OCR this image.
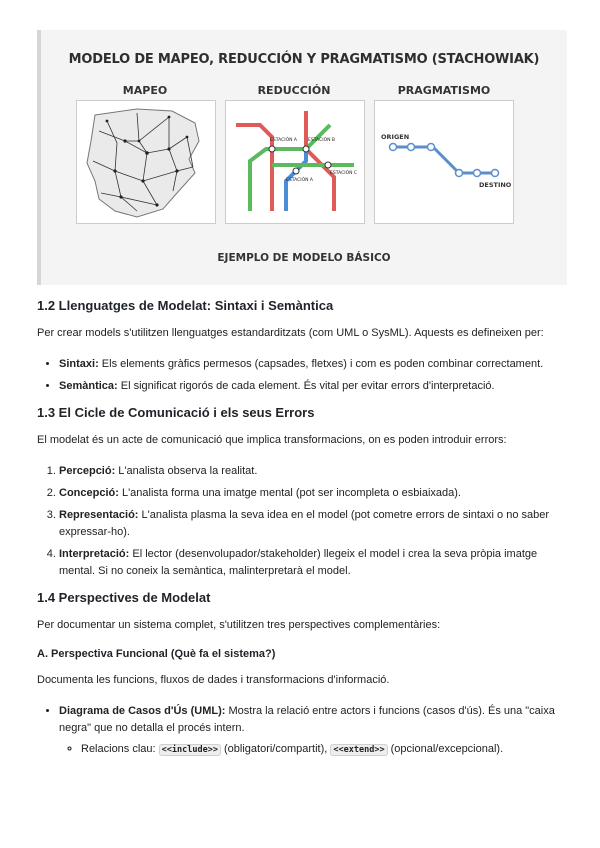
MODELO DE MAPEO, REDUCCIÓN Y PRAGMATISMO (STACHOWIAK)
MAPEO	REDUCCIÓN	PRAGMATISMO
ESTACIÓN A ESTACIÓN B
ESTACIÓN C
ESTACIÓN A
ORIGEN
DESTINO
EJEMPLO DE MODELO BÁSICO
1.2 Llenguatges de Modelat: Sintaxi i Semàntica

Per crear models s'utilitzen llenguatges estandarditzats (com UML o SysML). Aquests es defineixen per:

• Sintaxi: Els elements gràfics permesos (capsades, fletxes) i com es poden combinar correctament.
• Semàntica: El significat rigorós de cada element. És vital per evitar errors d'interpretació.
1.3 El Cicle de Comunicació i els seus Errors

El modelat és un acte de comunicació que implica transformacions, on es poden introduir errors:

1. Percepció: L'analista observa la realitat.
2. Concepció: L'analista forma una imatge mental (pot ser incompleta o esbiaixada).
3. Representació: L'analista plasma la seva idea en el model (pot cometre errors de sintaxi o no saber expressar-ho).
4. Interpretació: El lector (desenvolupador/stakeholder) llegeix el model i crea la seva pròpia imatge mental. Si no coneix la semàntica, malinterpretarà el model.
1.4 Perspectives de Modelat

Per documentar un sistema complet, s'utilitzen tres perspectives complementàries:

A. Perspectiva Funcional (Què fa el sistema?)

Documenta les funcions, fluxos de dades i transformacions d'informació.

• Diagrama de Casos d'Ús (UML): Mostra la relació entre actors i funcions (casos d'ús). És una "caixa negra" que no detalla el procés intern.
◦ Relacions clau: <<include>> (obligatori/compartit), <<extend>> (opcional/excepcional).
